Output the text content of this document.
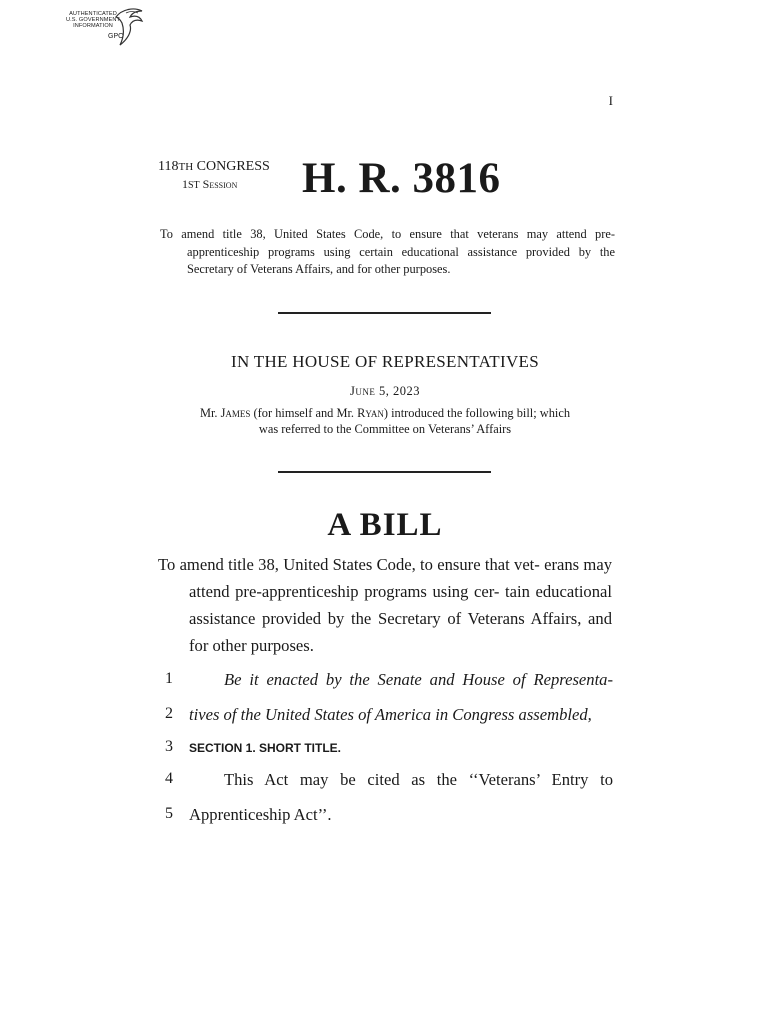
AUTHENTICATED
U.S. GOVERNMENT
INFORMATION
GPO
I
118TH CONGRESS
1ST Session	H. R. 3816
To amend title 38, United States Code, to ensure that veterans may attend pre-apprenticeship programs using certain educational assistance provided by the Secretary of Veterans Affairs, and for other purposes.
IN THE HOUSE OF REPRESENTATIVES
June 5, 2023
Mr. James (for himself and Mr. Ryan) introduced the following bill; which
was referred to the Committee on Veterans’ Affairs
A BILL
To amend title 38, United States Code, to ensure that vet- erans may attend pre-apprenticeship programs using cer- tain educational assistance provided by the Secretary of Veterans Affairs, and for other purposes.
1	Be it enacted by the Senate and House of Representa-
2 tives of the United States of America in Congress assembled,
3	SECTION 1. SHORT TITLE.
4	This Act may be cited as the ‘‘Veterans’ Entry to
5 Apprenticeship Act’’.
